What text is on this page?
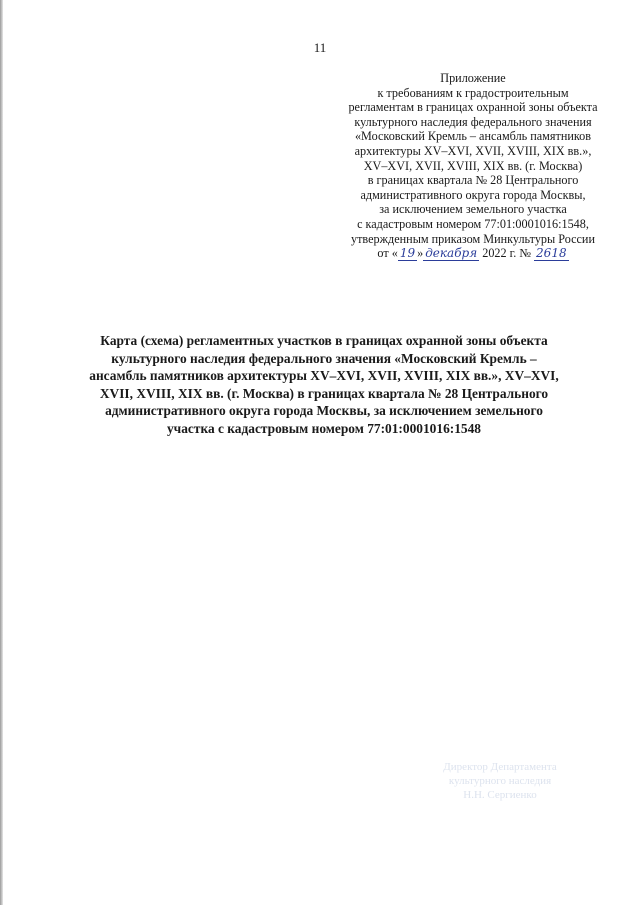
11
Приложение
к требованиям к градостроительным
регламентам в границах охранной зоны объекта
культурного наследия федерального значения
«Московский Кремль – ансамбль памятников
архитектуры XV–XVI, XVII, XVIII, XIX вв.»,
XV–XVI, XVII, XVIII, XIX вв. (г. Москва)
в границах квартала № 28 Центрального
административного округа города Москвы,
за исключением земельного участка
с кадастровым номером 77:01:0001016:1548,
утвержденным приказом Минкультуры России
от « 19 » декабря 2022 г. № 2618
Карта (схема) регламентных участков в границах охранной зоны объекта
культурного наследия федерального значения «Московский Кремль –
ансамбль памятников архитектуры XV–XVI, XVII, XVIII, XIX вв.», XV–XVI,
XVII, XVIII, XIX вв. (г. Москва) в границах квартала № 28 Центрального
административного округа города Москвы, за исключением земельного
участка с кадастровым номером 77:01:0001016:1548
Директор Департамента
культурного наследия
Н.Н. Сергиенко
